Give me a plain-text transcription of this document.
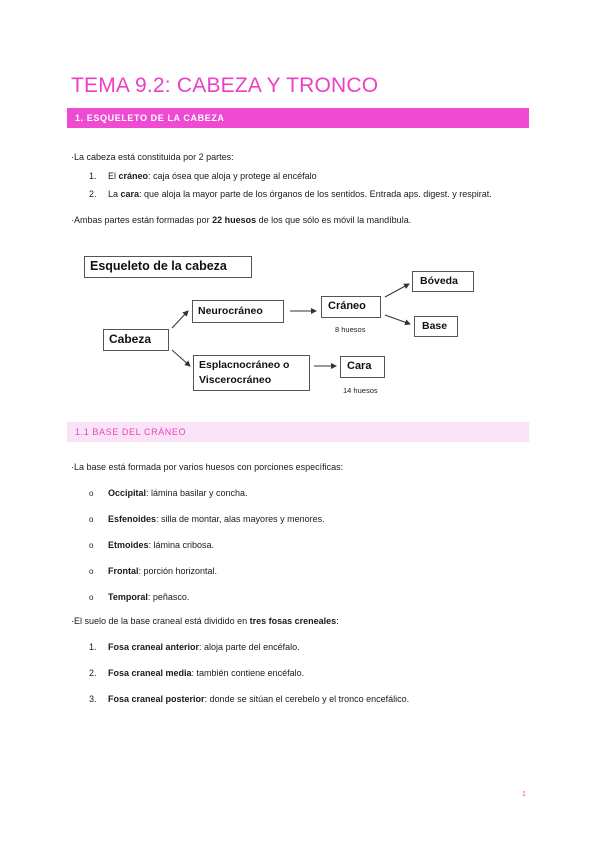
TEMA 9.2: CABEZA Y TRONCO
1. ESQUELETO DE LA CABEZA

·La cabeza está constituida por 2 partes:

1. El cráneo: caja ósea que aloja y protege al encéfalo
2. La cara: que aloja la mayor parte de los órganos de los sentidos. Entrada aps. digest. y respirat.

·Ambas partes están formadas por 22 huesos de los que sólo es móvil la mandíbula.

Esqueleto de la cabeza
Cabeza
Neurocráneo
Esplacnocráneo o
Viscerocráneo
Cráneo
8 huesos
Cara
14 huesos
Bóveda
Base
1.1 BASE DEL CRÁNEO

·La base está formada por varios huesos con porciones específicas:

o Occipital: lámina basilar y concha.
o Esfenoides: silla de montar, alas mayores y menores.
o Etmoides: lámina cribosa.
o Frontal: porción horizontal.
o Temporal: peñasco.

·El suelo de la base craneal está dividido en tres fosas creneales:

1. Fosa craneal anterior: aloja parte del encéfalo.
2. Fosa craneal media: también contiene encéfalo.
3. Fosa craneal posterior: donde se sitúan el cerebelo y el tronco encefálico.
1
